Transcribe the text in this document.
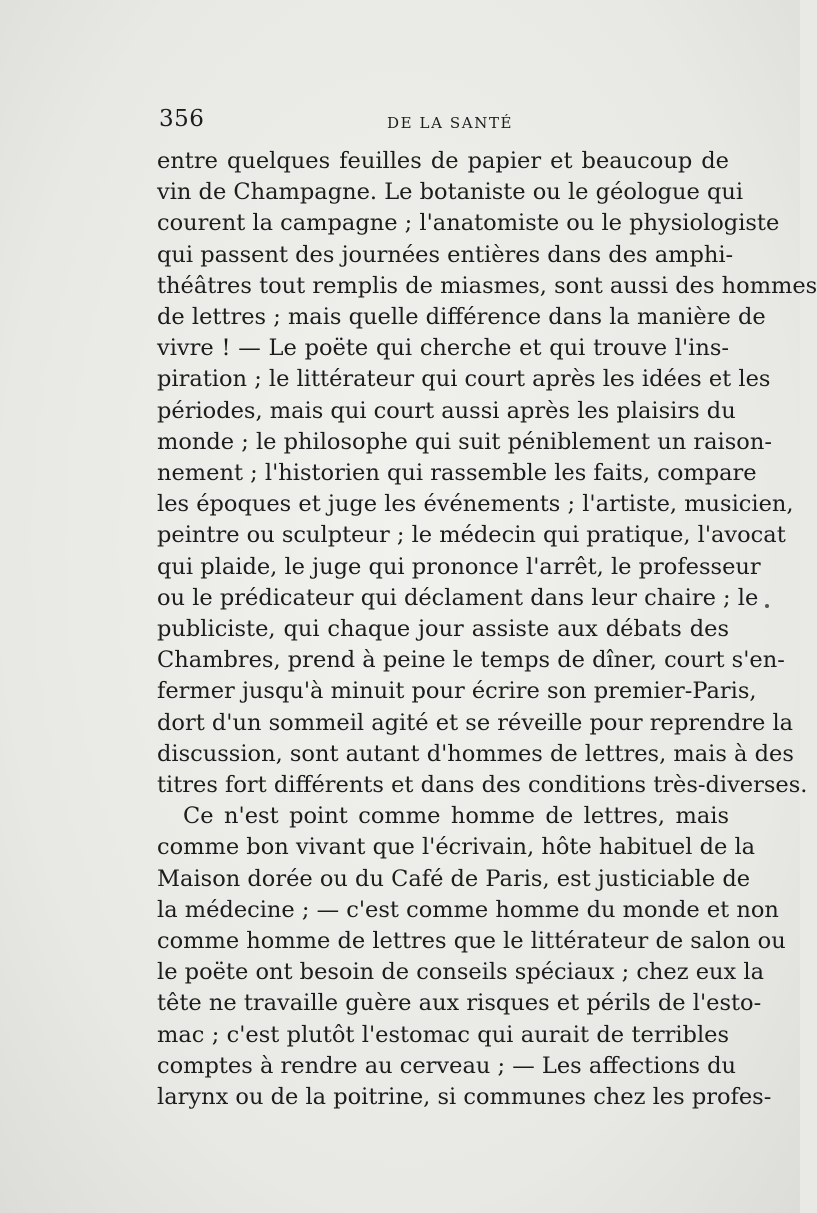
356	DE LA SANTÉ
entre quelques feuilles de papier et beaucoup de
vin de Champagne. Le botaniste ou le géologue qui
courent la campagne ; l'anatomiste ou le physiologiste
qui passent des journées entières dans des amphi-
théâtres tout remplis de miasmes, sont aussi des hommes
de lettres ; mais quelle différence dans la manière de
vivre ! — Le poëte qui cherche et qui trouve l'ins-
piration ; le littérateur qui court après les idées et les
périodes, mais qui court aussi après les plaisirs du
monde ; le philosophe qui suit péniblement un raison-
nement ; l'historien qui rassemble les faits, compare
les époques et juge les événements ; l'artiste, musicien,
peintre ou sculpteur ; le médecin qui pratique, l'avocat
qui plaide, le juge qui prononce l'arrêt, le professeur
ou le prédicateur qui déclament dans leur chaire ; le
publiciste, qui chaque jour assiste aux débats des
Chambres, prend à peine le temps de dîner, court s'en-
fermer jusqu'à minuit pour écrire son premier-Paris,
dort d'un sommeil agité et se réveille pour reprendre la
discussion, sont autant d'hommes de lettres, mais à des
titres fort différents et dans des conditions très-diverses.
Ce n'est point comme homme de lettres, mais
comme bon vivant que l'écrivain, hôte habituel de la
Maison dorée ou du Café de Paris, est justiciable de
la médecine ; — c'est comme homme du monde et non
comme homme de lettres que le littérateur de salon ou
le poëte ont besoin de conseils spéciaux ; chez eux la
tête ne travaille guère aux risques et périls de l'esto-
mac ; c'est plutôt l'estomac qui aurait de terribles
comptes à rendre au cerveau ; — Les affections du
larynx ou de la poitrine, si communes chez les profes-
